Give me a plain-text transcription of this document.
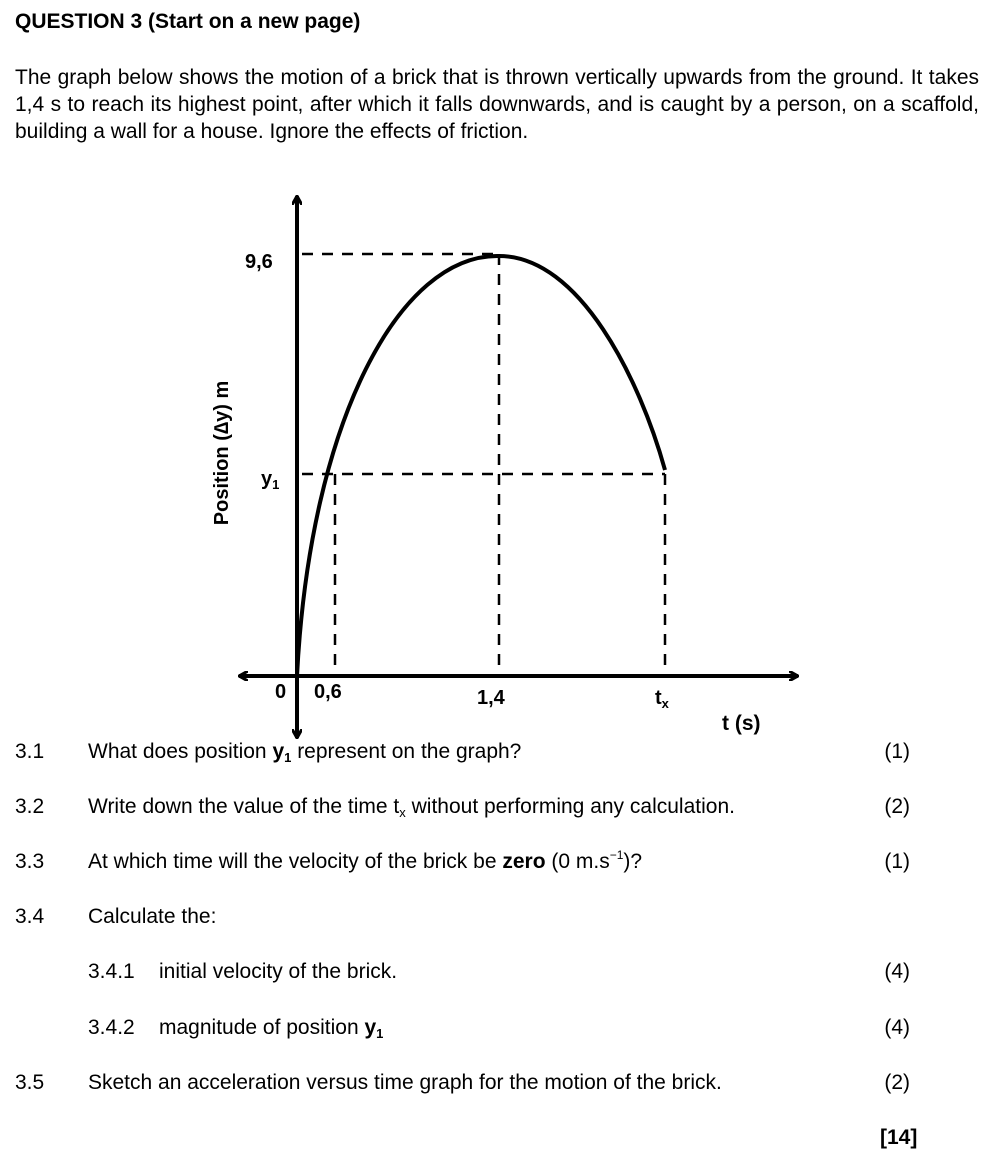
QUESTION 3 (Start on a new page)
The graph below shows the motion of a brick that is thrown vertically upwards from the ground. It takes 1,4 s to reach its highest point, after which it falls downwards, and is caught by a person, on a scaffold, building a wall for a house. Ignore the effects of friction.
9,6
$y_1$
Position (∆y) m
0 0,6	1,4	$t_x$
t (s)
3.1 What does position $y_1$ represent on the graph?	(1)
3.2 Write down the value of the time $t_x$ without performing any calculation.	(2)
3.3 At which time will the velocity of the brick be zero (0 $m.s^{-1}$)?	(1)
3.4 Calculate the:
3.4.1 initial velocity of the brick.	(4)
3.4.2 magnitude of position $y_1$	(4)
3.5 Sketch an acceleration versus time graph for the motion of the brick.	(2)
[14]
